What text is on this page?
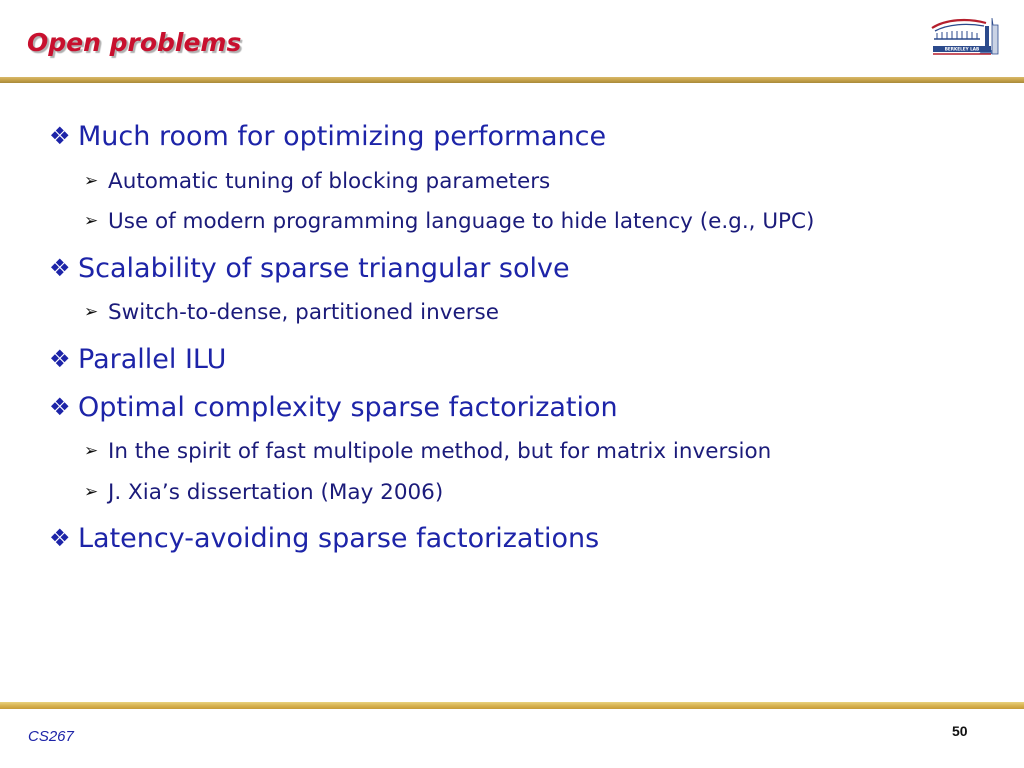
Open problems	BERKELEY LAB
❖ Much room for optimizing performance
➢ Automatic tuning of blocking parameters
➢ Use of modern programming language to hide latency (e.g., UPC)
❖ Scalability of sparse triangular solve
➢ Switch-to-dense, partitioned inverse
❖ Parallel ILU
❖ Optimal complexity sparse factorization
➢ In the spirit of fast multipole method, but for matrix inversion
➢ J. Xia’s dissertation (May 2006)
❖ Latency-avoiding sparse factorizations
CS267	50
